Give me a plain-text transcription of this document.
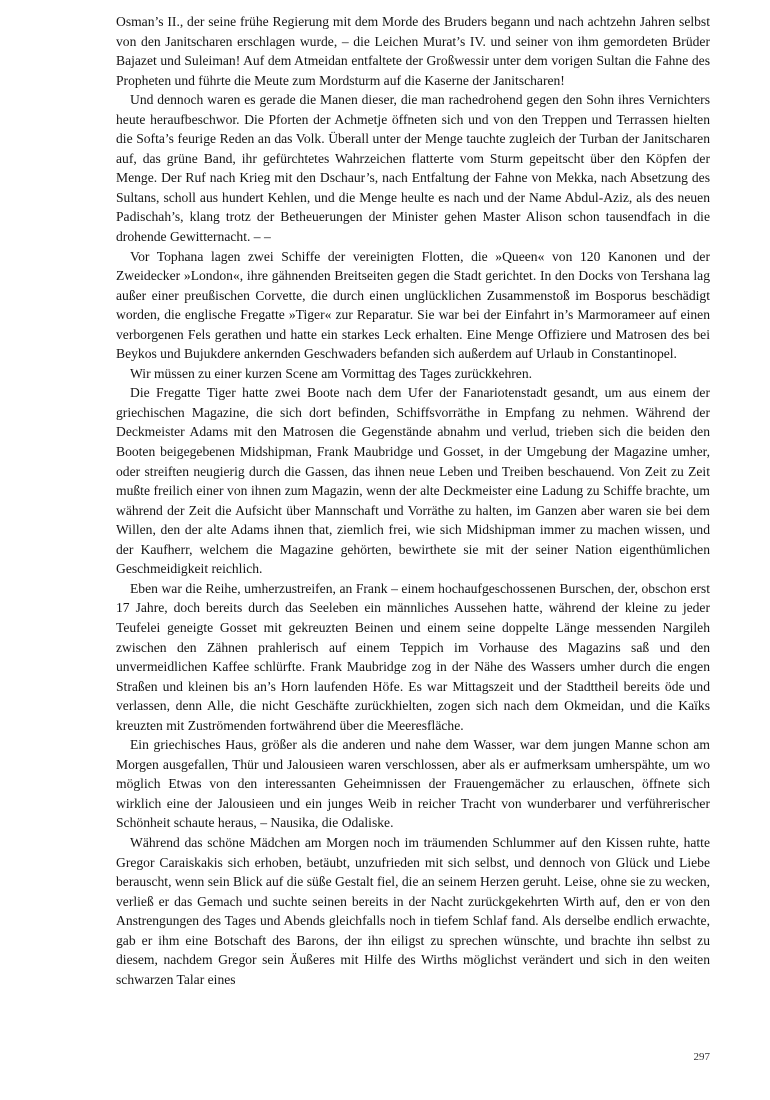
Osman’s II., der seine frühe Regierung mit dem Morde des Bruders begann und nach achtzehn Jahren selbst von den Janitscharen erschlagen wurde, – die Leichen Murat’s IV. und seiner von ihm gemordeten Brüder Bajazet und Suleiman! Auf dem Atmeidan entfaltete der Großwessir unter dem vorigen Sultan die Fahne des Propheten und führte die Meute zum Mordsturm auf die Kaserne der Janitscharen!

Und dennoch waren es gerade die Manen dieser, die man rachedrohend gegen den Sohn ihres Vernichters heute heraufbeschwor. Die Pforten der Achmetje öffneten sich und von den Treppen und Terrassen hielten die Softa’s feurige Reden an das Volk. Überall unter der Menge tauchte zugleich der Turban der Janitscharen auf, das grüne Band, ihr gefürchtetes Wahrzeichen flatterte vom Sturm gepeitscht über den Köpfen der Menge. Der Ruf nach Krieg mit den Dschaur’s, nach Entfaltung der Fahne von Mekka, nach Absetzung des Sultans, scholl aus hundert Kehlen, und die Menge heulte es nach und der Name Abdul-Aziz, als des neuen Padischah’s, klang trotz der Betheuerungen der Minister gehen Master Alison schon tausendfach in die drohende Gewitternacht. – –

Vor Tophana lagen zwei Schiffe der vereinigten Flotten, die »Queen« von 120 Kanonen und der Zweidecker »London«, ihre gähnenden Breitseiten gegen die Stadt gerichtet. In den Docks von Tershana lag außer einer preußischen Corvette, die durch einen unglücklichen Zusammenstoß im Bosporus beschädigt worden, die englische Fregatte »Tiger« zur Reparatur. Sie war bei der Einfahrt in’s Marmorameer auf einen verborgenen Fels gerathen und hatte ein starkes Leck erhalten. Eine Menge Offiziere und Matrosen des bei Beykos und Bujukdere ankernden Geschwaders befanden sich außerdem auf Urlaub in Constantinopel.

Wir müssen zu einer kurzen Scene am Vormittag des Tages zurückkehren.

Die Fregatte Tiger hatte zwei Boote nach dem Ufer der Fanariotenstadt gesandt, um aus einem der griechischen Magazine, die sich dort befinden, Schiffsvorräthe in Empfang zu nehmen. Während der Deckmeister Adams mit den Matrosen die Gegenstände abnahm und verlud, trieben sich die beiden den Booten beigegebenen Midshipman, Frank Maubridge und Gosset, in der Umgebung der Magazine umher, oder streiften neugierig durch die Gassen, das ihnen neue Leben und Treiben beschauend. Von Zeit zu Zeit mußte freilich einer von ihnen zum Magazin, wenn der alte Deckmeister eine Ladung zu Schiffe brachte, um während der Zeit die Aufsicht über Mannschaft und Vorräthe zu halten, im Ganzen aber waren sie bei dem Willen, den der alte Adams ihnen that, ziemlich frei, wie sich Midshipman immer zu machen wissen, und der Kaufherr, welchem die Magazine gehörten, bewirthete sie mit der seiner Nation eigenthümlichen Geschmeidigkeit reichlich.

Eben war die Reihe, umherzustreifen, an Frank – einem hochaufgeschossenen Burschen, der, obschon erst 17 Jahre, doch bereits durch das Seeleben ein männliches Aussehen hatte, während der kleine zu jeder Teufelei geneigte Gosset mit gekreuzten Beinen und einem seine doppelte Länge messenden Nargileh zwischen den Zähnen prahlerisch auf einem Teppich im Vorhause des Magazins saß und den unvermeidlichen Kaffee schlürfte. Frank Maubridge zog in der Nähe des Wassers umher durch die engen Straßen und kleinen bis an’s Horn laufenden Höfe. Es war Mittagszeit und der Stadttheil bereits öde und verlassen, denn Alle, die nicht Geschäfte zurückhielten, zogen sich nach dem Okmeidan, und die Kaïks kreuzten mit Zuströmenden fortwährend über die Meeresfläche.

Ein griechisches Haus, größer als die anderen und nahe dem Wasser, war dem jungen Manne schon am Morgen ausgefallen, Thür und Jalousieen waren verschlossen, aber als er aufmerksam umherspähte, um wo möglich Etwas von den interessanten Geheimnissen der Frauengemächer zu erlauschen, öffnete sich wirklich eine der Jalousieen und ein junges Weib in reicher Tracht von wunderbarer und verführerischer Schönheit schaute heraus, – Nausika, die Odaliske.

Während das schöne Mädchen am Morgen noch im träumenden Schlummer auf den Kissen ruhte, hatte Gregor Caraiskakis sich erhoben, betäubt, unzufrieden mit sich selbst, und dennoch von Glück und Liebe berauscht, wenn sein Blick auf die süße Gestalt fiel, die an seinem Herzen geruht. Leise, ohne sie zu wecken, verließ er das Gemach und suchte seinen bereits in der Nacht zurückgekehrten Wirth auf, den er von den Anstrengungen des Tages und Abends gleichfalls noch in tiefem Schlaf fand. Als derselbe endlich erwachte, gab er ihm eine Botschaft des Barons, der ihn eiligst zu sprechen wünschte, und brachte ihn selbst zu diesem, nachdem Gregor sein Äußeres mit Hilfe des Wirths möglichst verändert und sich in den weiten schwarzen Talar eines

297
